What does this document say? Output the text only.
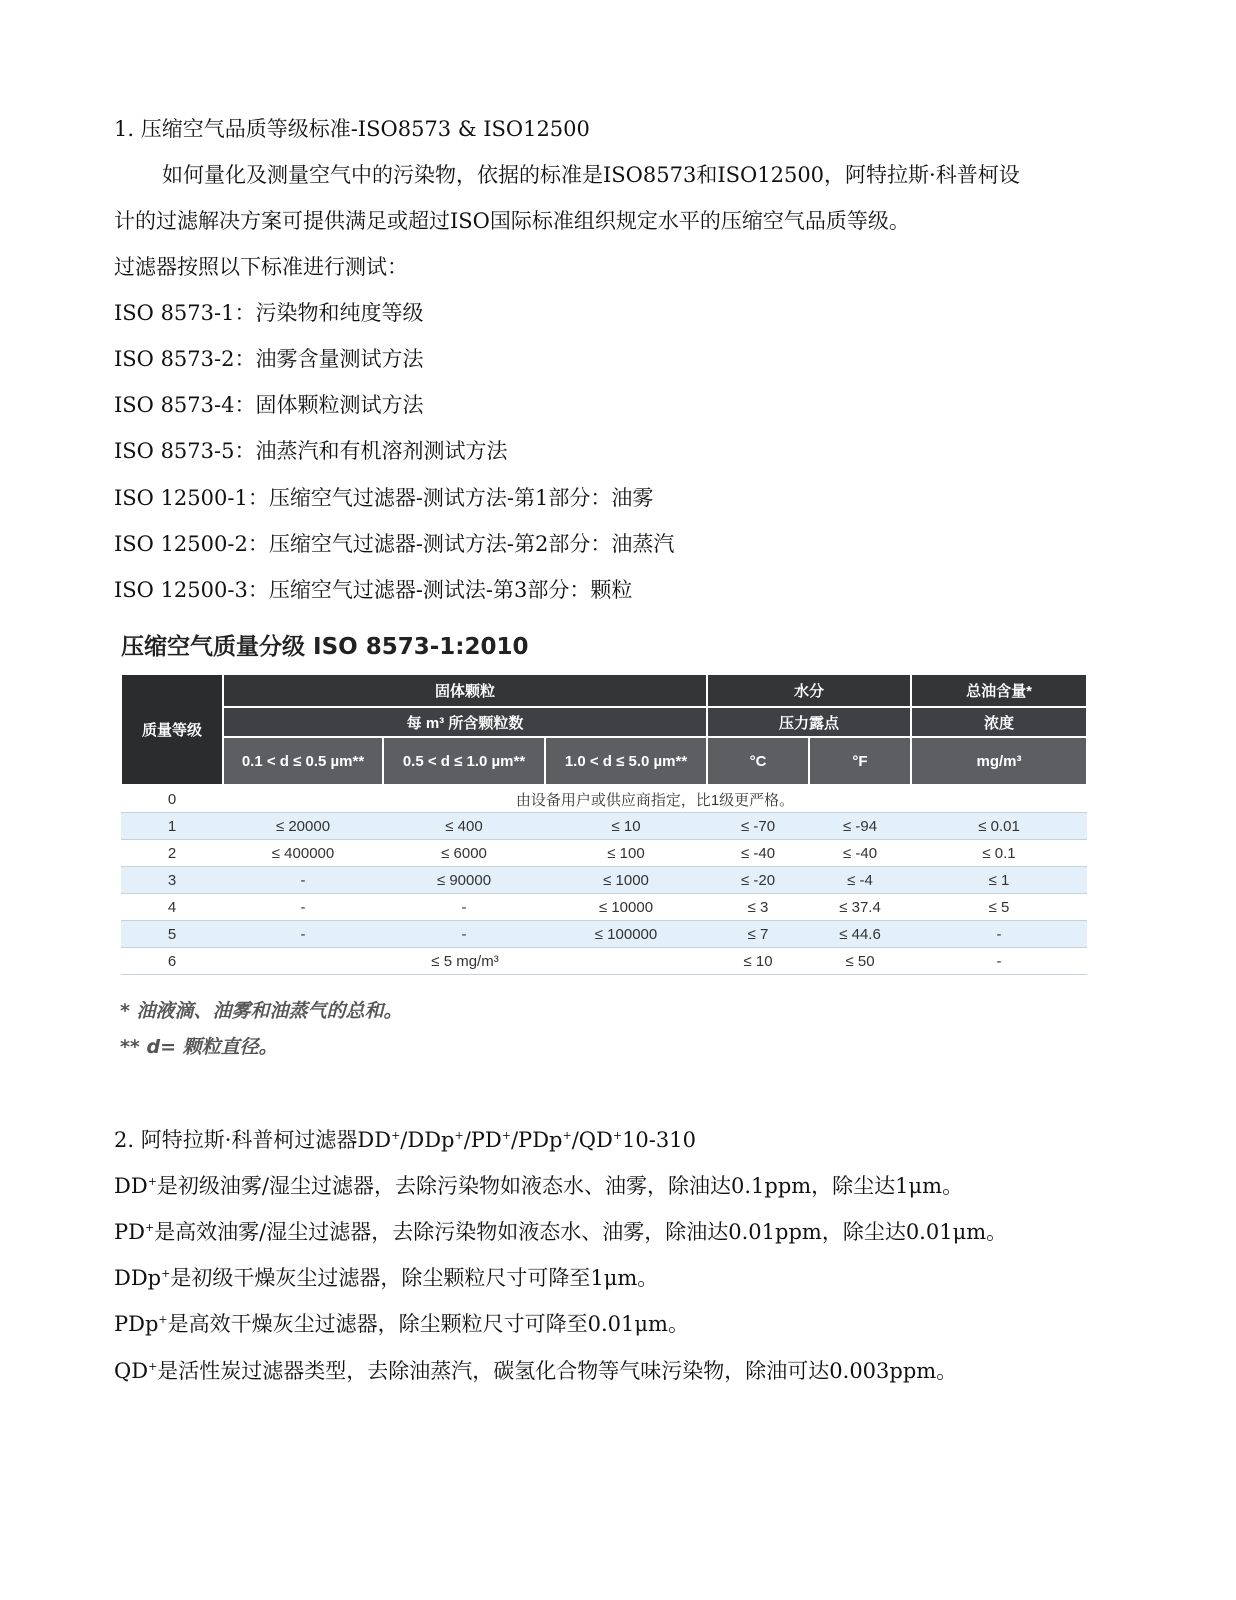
1. 压缩空气品质等级标准-ISO8573 & ISO12500
如何量化及测量空气中的污染物，依据的标准是ISO8573和ISO12500，阿特拉斯·科普柯设
计的过滤解决方案可提供满足或超过ISO国际标准组织规定水平的压缩空气品质等级。
过滤器按照以下标准进行测试：
ISO 8573-1：污染物和纯度等级
ISO 8573-2：油雾含量测试方法
ISO 8573-4：固体颗粒测试方法
ISO 8573-5：油蒸汽和有机溶剂测试方法
ISO 12500-1：压缩空气过滤器-测试方法-第1部分：油雾
ISO 12500-2：压缩空气过滤器-测试方法-第2部分：油蒸汽
ISO 12500-3：压缩空气过滤器-测试法-第3部分：颗粒
压缩空气质量分级 ISO 8573-1:2010
质量等级	固体颗粒			水分		总油含量*
	每 m³ 所含颗粒数			压力露点		浓度
	0.1 < d ≤ 0.5 µm**	0.5 < d ≤ 1.0 µm**	1.0 < d ≤ 5.0 µm**	°C	°F	mg/m³
0	由设备用户或供应商指定，比1级更严格。					
1	≤ 20000	≤ 400	≤ 10	≤ -70	≤ -94	≤ 0.01
2	≤ 400000	≤ 6000	≤ 100	≤ -40	≤ -40	≤ 0.1
3	-	≤ 90000	≤ 1000	≤ -20	≤ -4	≤ 1
4	-	-	≤ 10000	≤ 3	≤ 37.4	≤ 5
5	-	-	≤ 100000	≤ 7	≤ 44.6	-
6	≤ 5 mg/m³			≤ 10	≤ 50	-
* 油液滴、油雾和油蒸气的总和。
** d= 颗粒直径。
2. 阿特拉斯·科普柯过滤器DD+/DDp+/PD+/PDp+/QD+10-310
DD+是初级油雾/湿尘过滤器，去除污染物如液态水、油雾，除油达0.1ppm，除尘达1μm。
PD+是高效油雾/湿尘过滤器，去除污染物如液态水、油雾，除油达0.01ppm，除尘达0.01μm。
DDp+是初级干燥灰尘过滤器，除尘颗粒尺寸可降至1μm。
PDp+是高效干燥灰尘过滤器，除尘颗粒尺寸可降至0.01μm。
QD+是活性炭过滤器类型，去除油蒸汽，碳氢化合物等气味污染物，除油可达0.003ppm。
